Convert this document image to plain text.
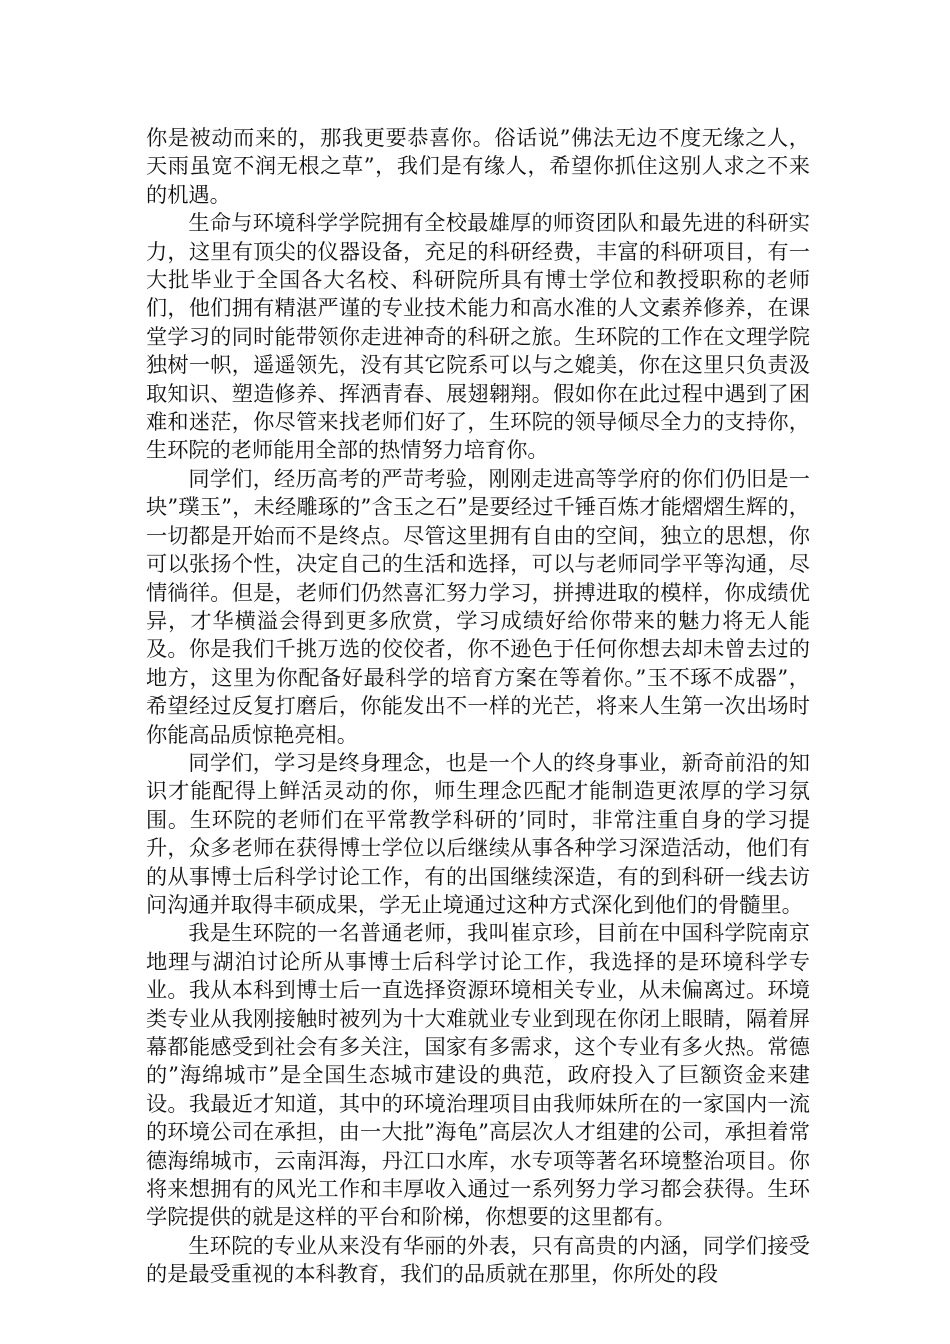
你是被动而来的，那我更要恭喜你。俗话说”佛法无边不度无缘之人，天雨虽宽不润无根之草”，我们是有缘人，希望你抓住这别人求之不来的机遇。

生命与环境科学学院拥有全校最雄厚的师资团队和最先进的科研实力，这里有顶尖的仪器设备，充足的科研经费，丰富的科研项目，有一大批毕业于全国各大名校、科研院所具有博士学位和教授职称的老师们，他们拥有精湛严谨的专业技术能力和高水准的人文素养修养，在课堂学习的同时能带领你走进神奇的科研之旅。生环院的工作在文理学院独树一帜，遥遥领先，没有其它院系可以与之媲美，你在这里只负责汲取知识、塑造修养、挥洒青春、展翅翱翔。假如你在此过程中遇到了困难和迷茫，你尽管来找老师们好了，生环院的领导倾尽全力的支持你，生环院的老师能用全部的热情努力培育你。

同学们，经历高考的严苛考验，刚刚走进高等学府的你们仍旧是一块”璞玉”，未经雕琢的”含玉之石”是要经过千锤百炼才能熠熠生辉的，一切都是开始而不是终点。尽管这里拥有自由的空间，独立的思想，你可以张扬个性，决定自己的生活和选择，可以与老师同学平等沟通，尽情徜徉。但是，老师们仍然喜汇努力学习，拼搏进取的模样，你成绩优异，才华横溢会得到更多欣赏，学习成绩好给你带来的魅力将无人能及。你是我们千挑万选的佼佼者，你不逊色于任何你想去却未曾去过的地方，这里为你配备好最科学的培育方案在等着你。”玉不琢不成器”，希望经过反复打磨后，你能发出不一样的光芒，将来人生第一次出场时你能高品质惊艳亮相。

同学们，学习是终身理念，也是一个人的终身事业，新奇前沿的知识才能配得上鲜活灵动的你，师生理念匹配才能制造更浓厚的学习氛围。生环院的老师们在平常教学科研的’同时，非常注重自身的学习提升，众多老师在获得博士学位以后继续从事各种学习深造活动，他们有的从事博士后科学讨论工作，有的出国继续深造，有的到科研一线去访问沟通并取得丰硕成果，学无止境通过这种方式深化到他们的骨髓里。

我是生环院的一名普通老师，我叫崔京珍，目前在中国科学院南京地理与湖泊讨论所从事博士后科学讨论工作，我选择的是环境科学专业。我从本科到博士后一直选择资源环境相关专业，从未偏离过。环境类专业从我刚接触时被列为十大难就业专业到现在你闭上眼睛，隔着屏幕都能感受到社会有多关注，国家有多需求，这个专业有多火热。常德的”海绵城市”是全国生态城市建设的典范，政府投入了巨额资金来建设。我最近才知道，其中的环境治理项目由我师妹所在的一家国内一流的环境公司在承担，由一大批”海龟”高层次人才组建的公司，承担着常德海绵城市，云南洱海，丹江口水库，水专项等著名环境整治项目。你将来想拥有的风光工作和丰厚收入通过一系列努力学习都会获得。生环学院提供的就是这样的平台和阶梯，你想要的这里都有。

生环院的专业从来没有华丽的外表，只有高贵的内涵，同学们接受的是最受重视的本科教育，我们的品质就在那里，你所处的段
